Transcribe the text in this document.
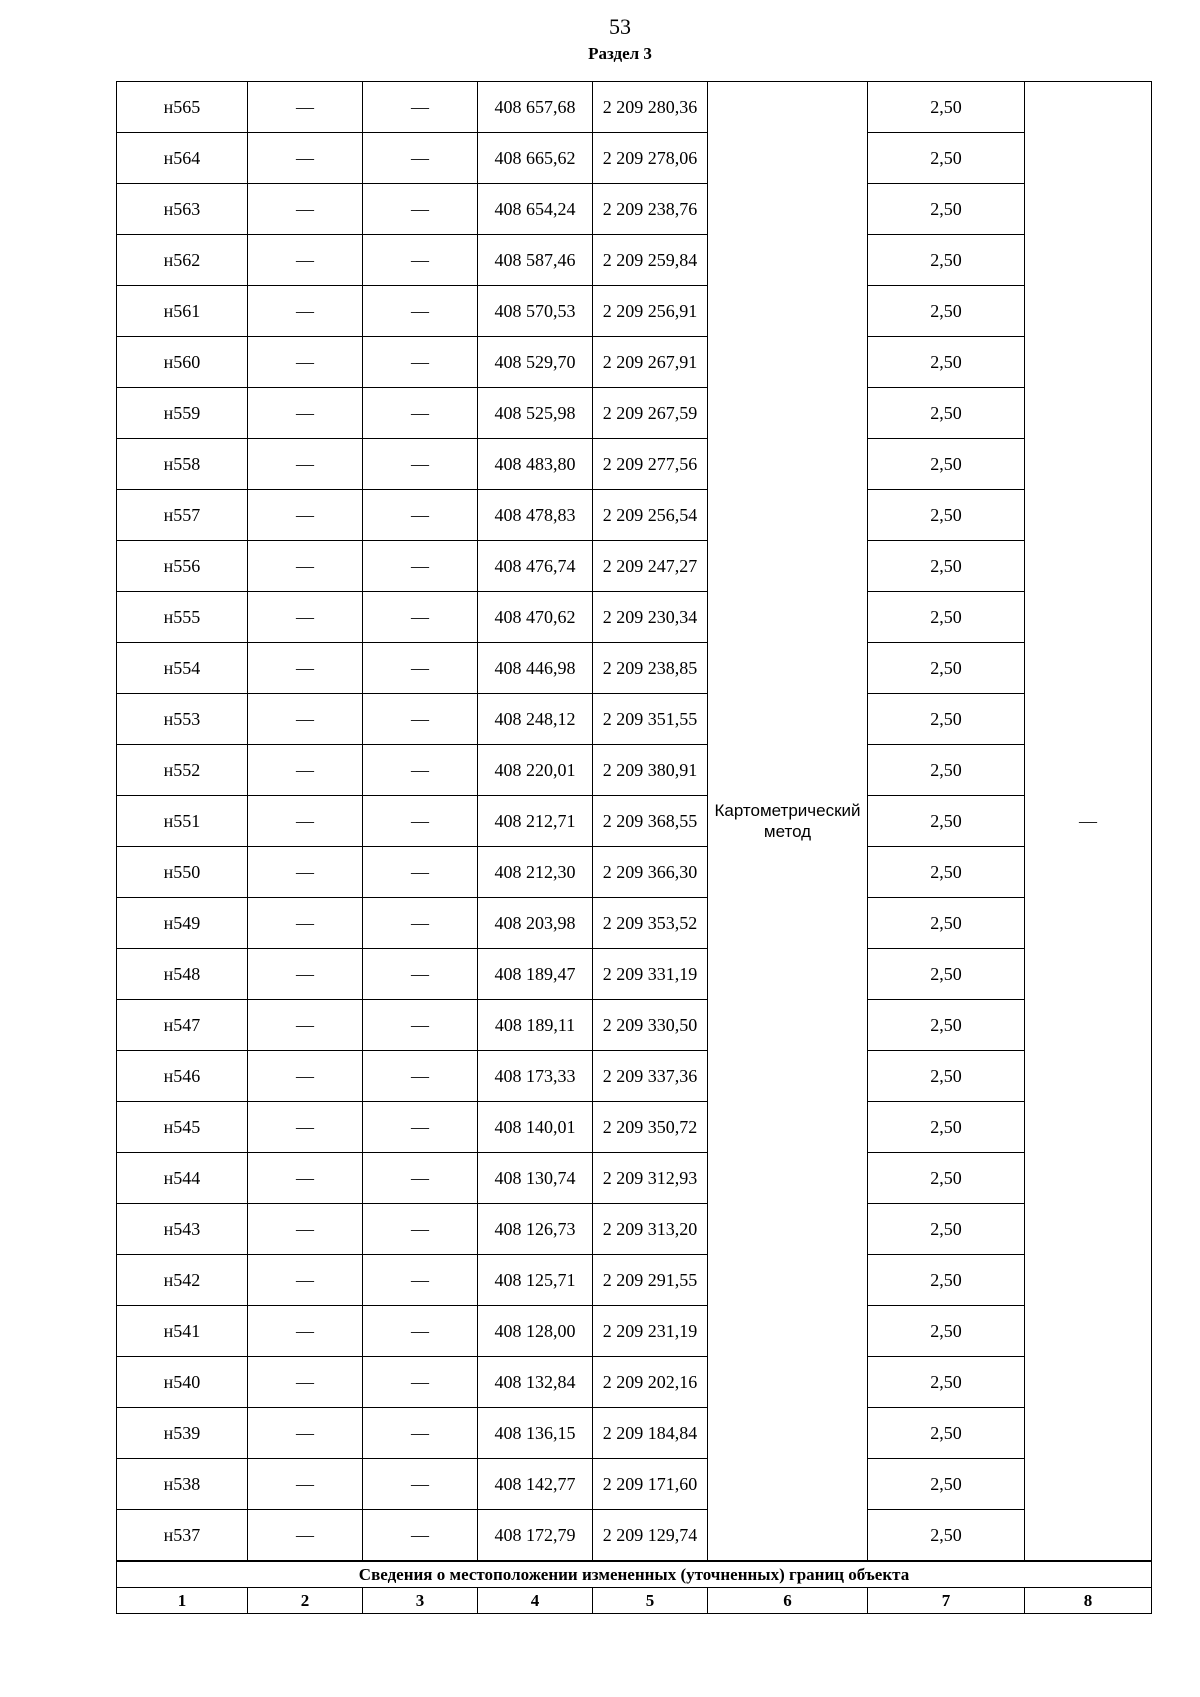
53
Раздел 3
н565	—	—	408 657,68	2 209 280,36	Картометрический метод	2,50	—
н564	—	—	408 665,62	2 209 278,06		2,50	
н563	—	—	408 654,24	2 209 238,76		2,50	
н562	—	—	408 587,46	2 209 259,84		2,50	
н561	—	—	408 570,53	2 209 256,91		2,50	
н560	—	—	408 529,70	2 209 267,91		2,50	
н559	—	—	408 525,98	2 209 267,59		2,50	
н558	—	—	408 483,80	2 209 277,56		2,50	
н557	—	—	408 478,83	2 209 256,54		2,50	
н556	—	—	408 476,74	2 209 247,27		2,50	
н555	—	—	408 470,62	2 209 230,34		2,50	
н554	—	—	408 446,98	2 209 238,85		2,50	
н553	—	—	408 248,12	2 209 351,55		2,50	
н552	—	—	408 220,01	2 209 380,91		2,50	
н551	—	—	408 212,71	2 209 368,55		2,50	
н550	—	—	408 212,30	2 209 366,30		2,50	
н549	—	—	408 203,98	2 209 353,52		2,50	
н548	—	—	408 189,47	2 209 331,19		2,50	
н547	—	—	408 189,11	2 209 330,50		2,50	
н546	—	—	408 173,33	2 209 337,36		2,50	
н545	—	—	408 140,01	2 209 350,72		2,50	
н544	—	—	408 130,74	2 209 312,93		2,50	
н543	—	—	408 126,73	2 209 313,20		2,50	
н542	—	—	408 125,71	2 209 291,55		2,50	
н541	—	—	408 128,00	2 209 231,19		2,50	
н540	—	—	408 132,84	2 209 202,16		2,50	
н539	—	—	408 136,15	2 209 184,84		2,50	
н538	—	—	408 142,77	2 209 171,60		2,50	
н537	—	—	408 172,79	2 209 129,74		2,50	
Сведения о местоположении измененных (уточненных) границ объекта							
1	2	3	4	5	6	7	8
